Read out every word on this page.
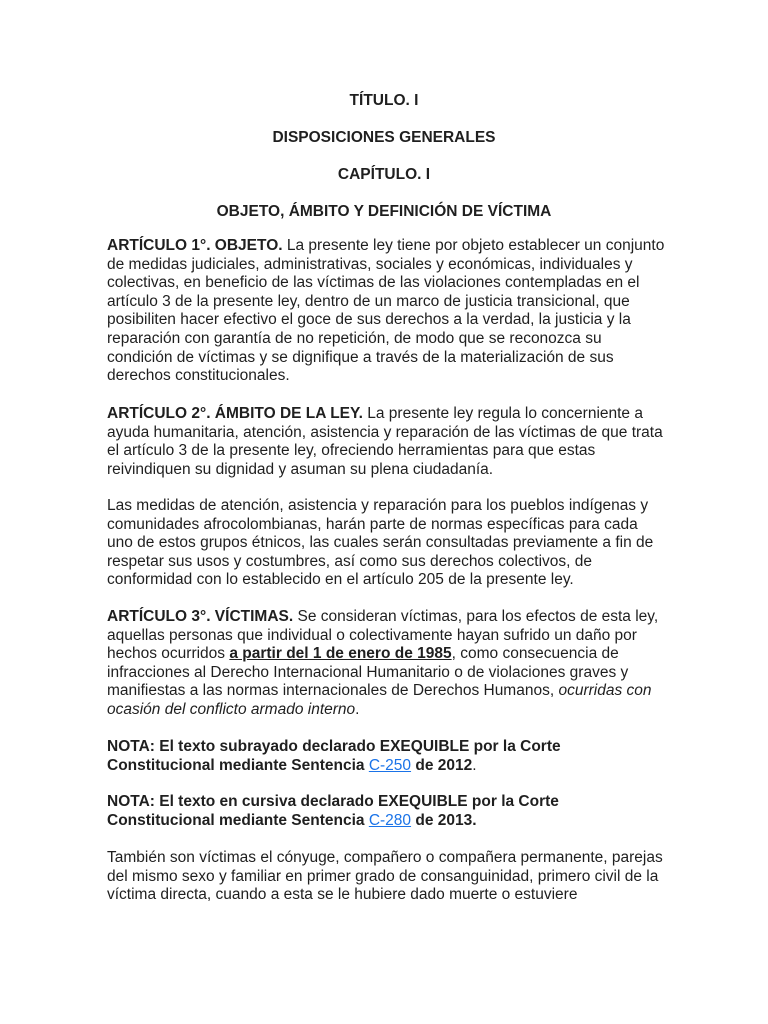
TÍTULO. I
DISPOSICIONES GENERALES
CAPÍTULO. I
OBJETO, ÁMBITO Y DEFINICIÓN DE VÍCTIMA

ARTÍCULO 1°. OBJETO. La presente ley tiene por objeto establecer un conjunto de medidas judiciales, administrativas, sociales y económicas, individuales y colectivas, en beneficio de las víctimas de las violaciones contempladas en el artículo 3 de la presente ley, dentro de un marco de justicia transicional, que posibiliten hacer efectivo el goce de sus derechos a la verdad, la justicia y la reparación con garantía de no repetición, de modo que se reconozca su condición de víctimas y se dignifique a través de la materialización de sus derechos constitucionales.

ARTÍCULO 2°. ÁMBITO DE LA LEY. La presente ley regula lo concerniente a ayuda humanitaria, atención, asistencia y reparación de las víctimas de que trata el artículo 3 de la presente ley, ofreciendo herramientas para que estas reivindiquen su dignidad y asuman su plena ciudadanía.

Las medidas de atención, asistencia y reparación para los pueblos indígenas y comunidades afrocolombianas, harán parte de normas específicas para cada uno de estos grupos étnicos, las cuales serán consultadas previamente a fin de respetar sus usos y costumbres, así como sus derechos colectivos, de conformidad con lo establecido en el artículo 205 de la presente ley.

ARTÍCULO 3°. VÍCTIMAS. Se consideran víctimas, para los efectos de esta ley, aquellas personas que individual o colectivamente hayan sufrido un daño por hechos ocurridos a partir del 1 de enero de 1985, como consecuencia de infracciones al Derecho Internacional Humanitario o de violaciones graves y manifiestas a las normas internacionales de Derechos Humanos, ocurridas con ocasión del conflicto armado interno.

NOTA: El texto subrayado declarado EXEQUIBLE por la Corte Constitucional mediante Sentencia C-250 de 2012.

NOTA: El texto en cursiva declarado EXEQUIBLE por la Corte Constitucional mediante Sentencia C-280 de 2013.

También son víctimas el cónyuge, compañero o compañera permanente, parejas del mismo sexo y familiar en primer grado de consanguinidad, primero civil de la víctima directa, cuando a esta se le hubiere dado muerte o estuviere
